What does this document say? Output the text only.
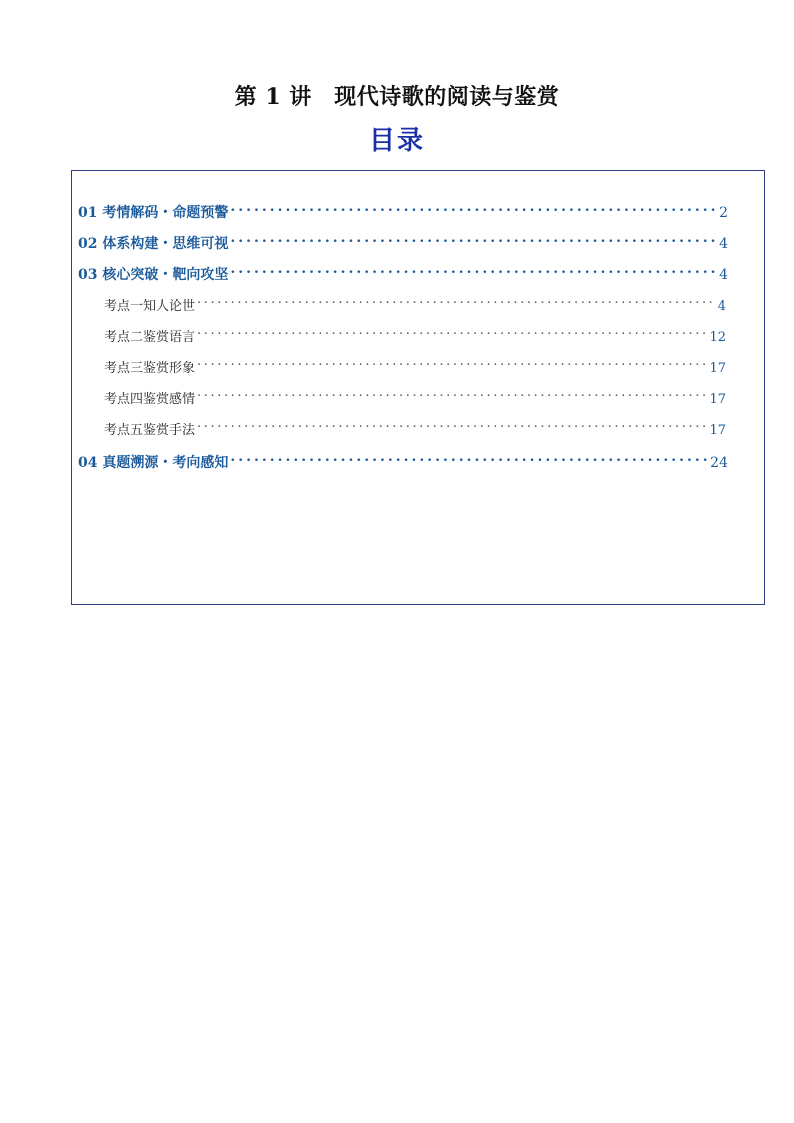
第 1 讲　现代诗歌的阅读与鉴赏
目录
01 考情解码・命题预警 .....	2
02 体系构建・思维可视 .....	4
03 核心突破・靶向攻坚 .....	4
考点一知人论世 .....	4
考点二鉴赏语言 .....	12
考点三鉴赏形象 .....	17
考点四鉴赏感情 .....	17
考点五鉴赏手法 .....	17
04 真题溯源・考向感知 .....	24
